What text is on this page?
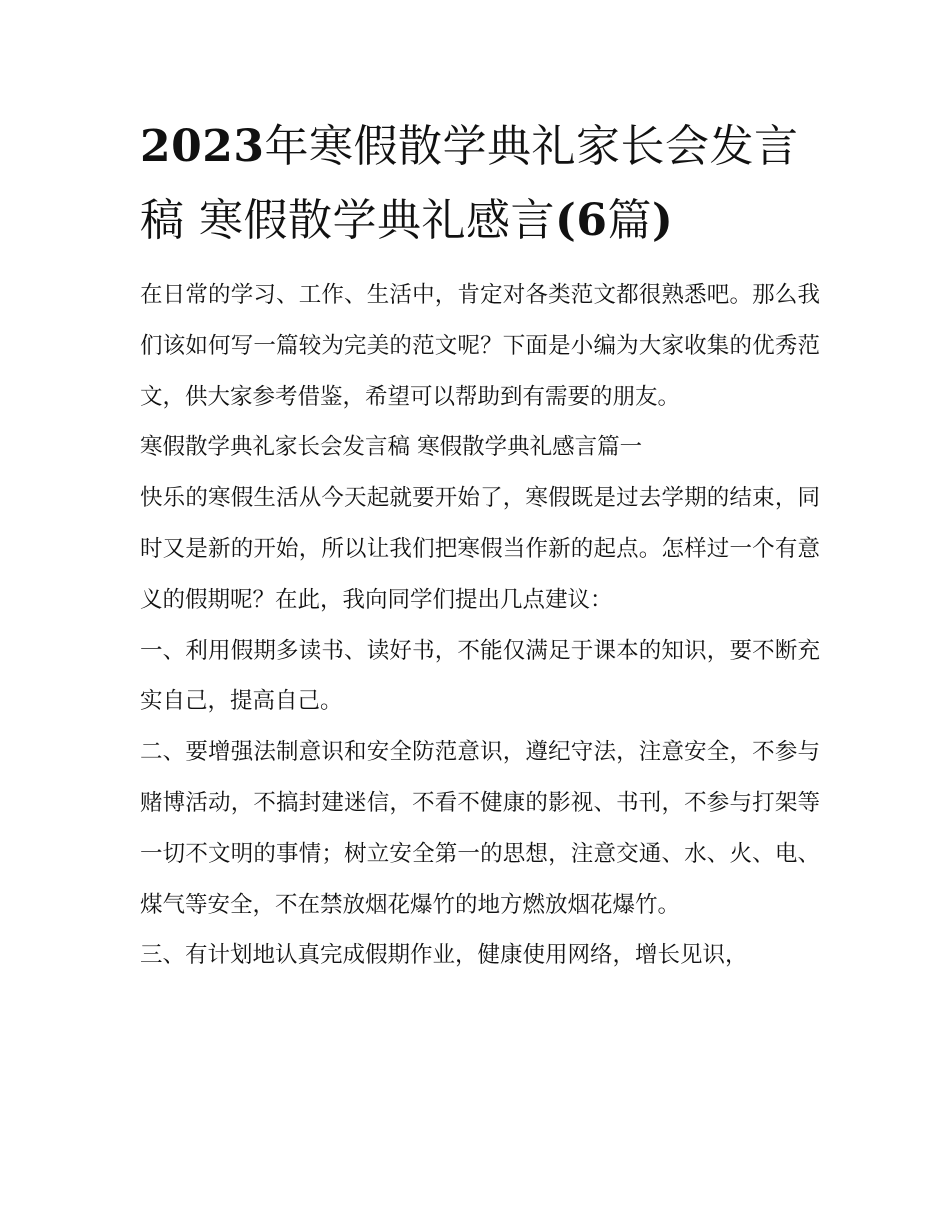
2023年寒假散学典礼家长会发言稿 寒假散学典礼感言(6篇)

在日常的学习、工作、生活中，肯定对各类范文都很熟悉吧。那么我们该如何写一篇较为完美的范文呢？下面是小编为大家收集的优秀范文，供大家参考借鉴，希望可以帮助到有需要的朋友。

寒假散学典礼家长会发言稿 寒假散学典礼感言篇一

快乐的寒假生活从今天起就要开始了，寒假既是过去学期的结束，同时又是新的开始，所以让我们把寒假当作新的起点。怎样过一个有意义的假期呢？在此，我向同学们提出几点建议：

一、利用假期多读书、读好书，不能仅满足于课本的知识，要不断充实自己，提高自己。

二、要增强法制意识和安全防范意识，遵纪守法，注意安全，不参与赌博活动，不搞封建迷信，不看不健康的影视、书刊，不参与打架等一切不文明的事情；树立安全第一的思想，注意交通、水、火、电、煤气等安全，不在禁放烟花爆竹的地方燃放烟花爆竹。

三、有计划地认真完成假期作业，健康使用网络，增长见识，
